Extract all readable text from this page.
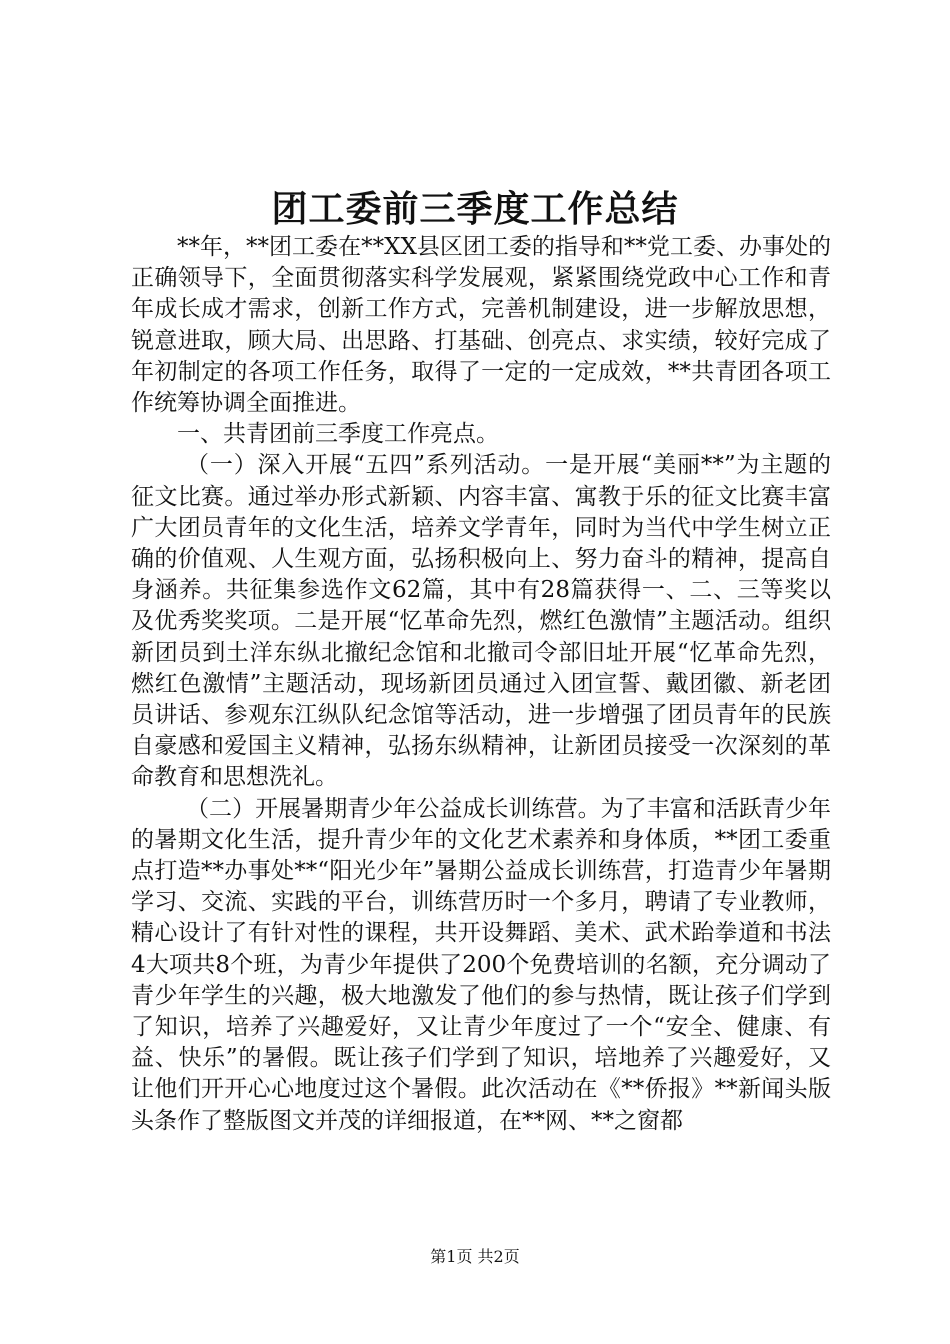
团工委前三季度工作总结

**年，**团工委在**XX县区团工委的指导和**党工委、办事处的正确领导下，全面贯彻落实科学发展观，紧紧围绕党政中心工作和青年成长成才需求，创新工作方式，完善机制建设，进一步解放思想，锐意进取，顾大局、出思路、打基础、创亮点、求实绩，较好完成了年初制定的各项工作任务，取得了一定的一定成效，**共青团各项工作统筹协调全面推进。

一、共青团前三季度工作亮点。

（一）深入开展“五四”系列活动。一是开展“美丽**”为主题的征文比赛。通过举办形式新颖、内容丰富、寓教于乐的征文比赛丰富广大团员青年的文化生活，培养文学青年，同时为当代中学生树立正确的价值观、人生观方面，弘扬积极向上、努力奋斗的精神，提高自身涵养。共征集参选作文62篇，其中有28篇获得一、二、三等奖以及优秀奖奖项。二是开展“忆革命先烈，燃红色激情”主题活动。组织新团员到土洋东纵北撤纪念馆和北撤司令部旧址开展“忆革命先烈，燃红色激情”主题活动，现场新团员通过入团宣誓、戴团徽、新老团员讲话、参观东江纵队纪念馆等活动，进一步增强了团员青年的民族自豪感和爱国主义精神，弘扬东纵精神，让新团员接受一次深刻的革命教育和思想洗礼。

（二）开展暑期青少年公益成长训练营。为了丰富和活跃青少年的暑期文化生活，提升青少年的文化艺术素养和身体质，**团工委重点打造**办事处**“阳光少年”暑期公益成长训练营，打造青少年暑期学习、交流、实践的平台，训练营历时一个多月，聘请了专业教师，精心设计了有针对性的课程，共开设舞蹈、美术、武术跆拳道和书法4大项共8个班，为青少年提供了200个免费培训的名额，充分调动了青少年学生的兴趣，极大地激发了他们的参与热情，既让孩子们学到了知识，培养了兴趣爱好，又让青少年度过了一个“安全、健康、有益、快乐”的暑假。既让孩子们学到了知识，培地养了兴趣爱好，又让他们开开心心地度过这个暑假。此次活动在《**侨报》**新闻头版头条作了整版图文并茂的详细报道，在**网、**之窗都

第1页 共2页
